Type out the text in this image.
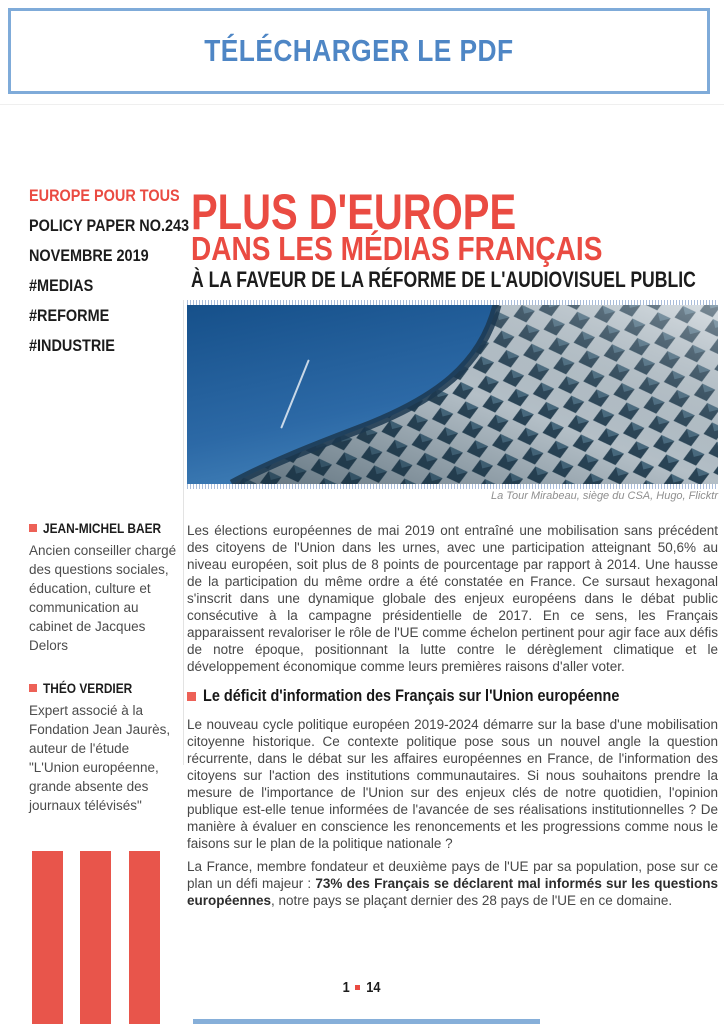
TÉLÉCHARGER LE PDF
EUROPE POUR TOUS
POLICY PAPER NO.243
NOVEMBRE 2019
#MEDIAS
#REFORME
#INDUSTRIE
PLUS D'EUROPE
DANS LES MÉDIAS FRANÇAIS
À LA FAVEUR DE LA RÉFORME DE L'AUDIOVISUEL PUBLIC
La Tour Mirabeau, siège du CSA, Hugo, Flicktr
JEAN-MICHEL BAER
Ancien conseiller chargé des questions sociales, éducation, culture et communication au cabinet de Jacques Delors
THÉO VERDIER
Expert associé à la Fondation Jean Jaurès, auteur de l'étude "L'Union européenne, grande absente des journaux télévisés"
Les élections européennes de mai 2019 ont entraîné une mobilisation sans précédent des citoyens de l'Union dans les urnes, avec une participation atteignant 50,6% au niveau européen, soit plus de 8 points de pourcentage par rapport à 2014. Une hausse de la participation du même ordre a été constatée en France. Ce sursaut hexagonal s'inscrit dans une dynamique globale des enjeux européens dans le débat public consécutive à la campagne présidentielle de 2017. En ce sens, les Français apparaissent revaloriser le rôle de l'UE comme échelon pertinent pour agir face aux défis de notre époque, positionnant la lutte contre le dérèglement climatique et le développement économique comme leurs premières raisons d'aller voter.
Le déficit d'information des Français sur l'Union européenne
Le nouveau cycle politique européen 2019-2024 démarre sur la base d'une mobilisation citoyenne historique. Ce contexte politique pose sous un nouvel angle la question récurrente, dans le débat sur les affaires européennes en France, de l'information des citoyens sur l'action des institutions communautaires. Si nous souhaitons prendre la mesure de l'importance de l'Union sur des enjeux clés de notre quotidien, l'opinion publique est-elle tenue informées de l'avancée de ses réalisations institutionnelles ? De manière à évaluer en conscience les renoncements et les progressions comme nous le faisons sur le plan de la politique nationale ?
La France, membre fondateur et deuxième pays de l'UE par sa population, pose sur ce plan un défi majeur : 73% des Français se déclarent mal informés sur les questions européennes, notre pays se plaçant dernier des 28 pays de l'UE en ce domaine.
1 14
